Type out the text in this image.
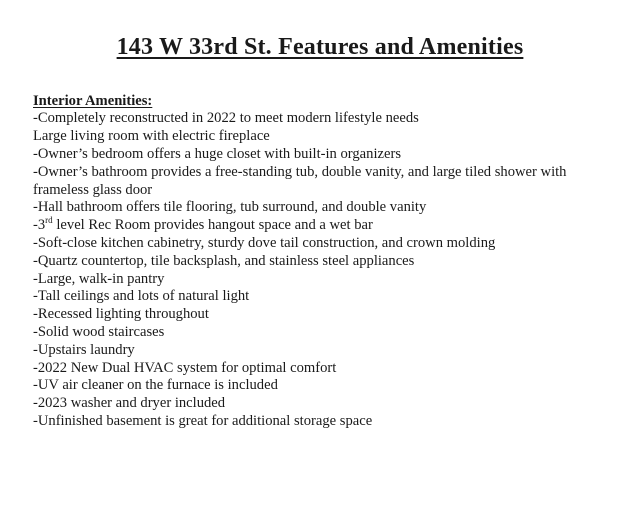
143 W 33rd St. Features and Amenities
Interior Amenities:
-Completely reconstructed in 2022 to meet modern lifestyle needs
Large living room with electric fireplace
-Owner’s bedroom offers a huge closet with built-in organizers
-Owner’s bathroom provides a free-standing tub, double vanity, and large tiled shower with frameless glass door
-Hall bathroom offers tile flooring, tub surround, and double vanity
-3rd level Rec Room provides hangout space and a wet bar
-Soft-close kitchen cabinetry, sturdy dove tail construction, and crown molding
-Quartz countertop, tile backsplash, and stainless steel appliances
-Large, walk-in pantry
-Tall ceilings and lots of natural light
-Recessed lighting throughout
-Solid wood staircases
-Upstairs laundry
-2022 New Dual HVAC system for optimal comfort
-UV air cleaner on the furnace is included
-2023 washer and dryer included
-Unfinished basement is great for additional storage space
